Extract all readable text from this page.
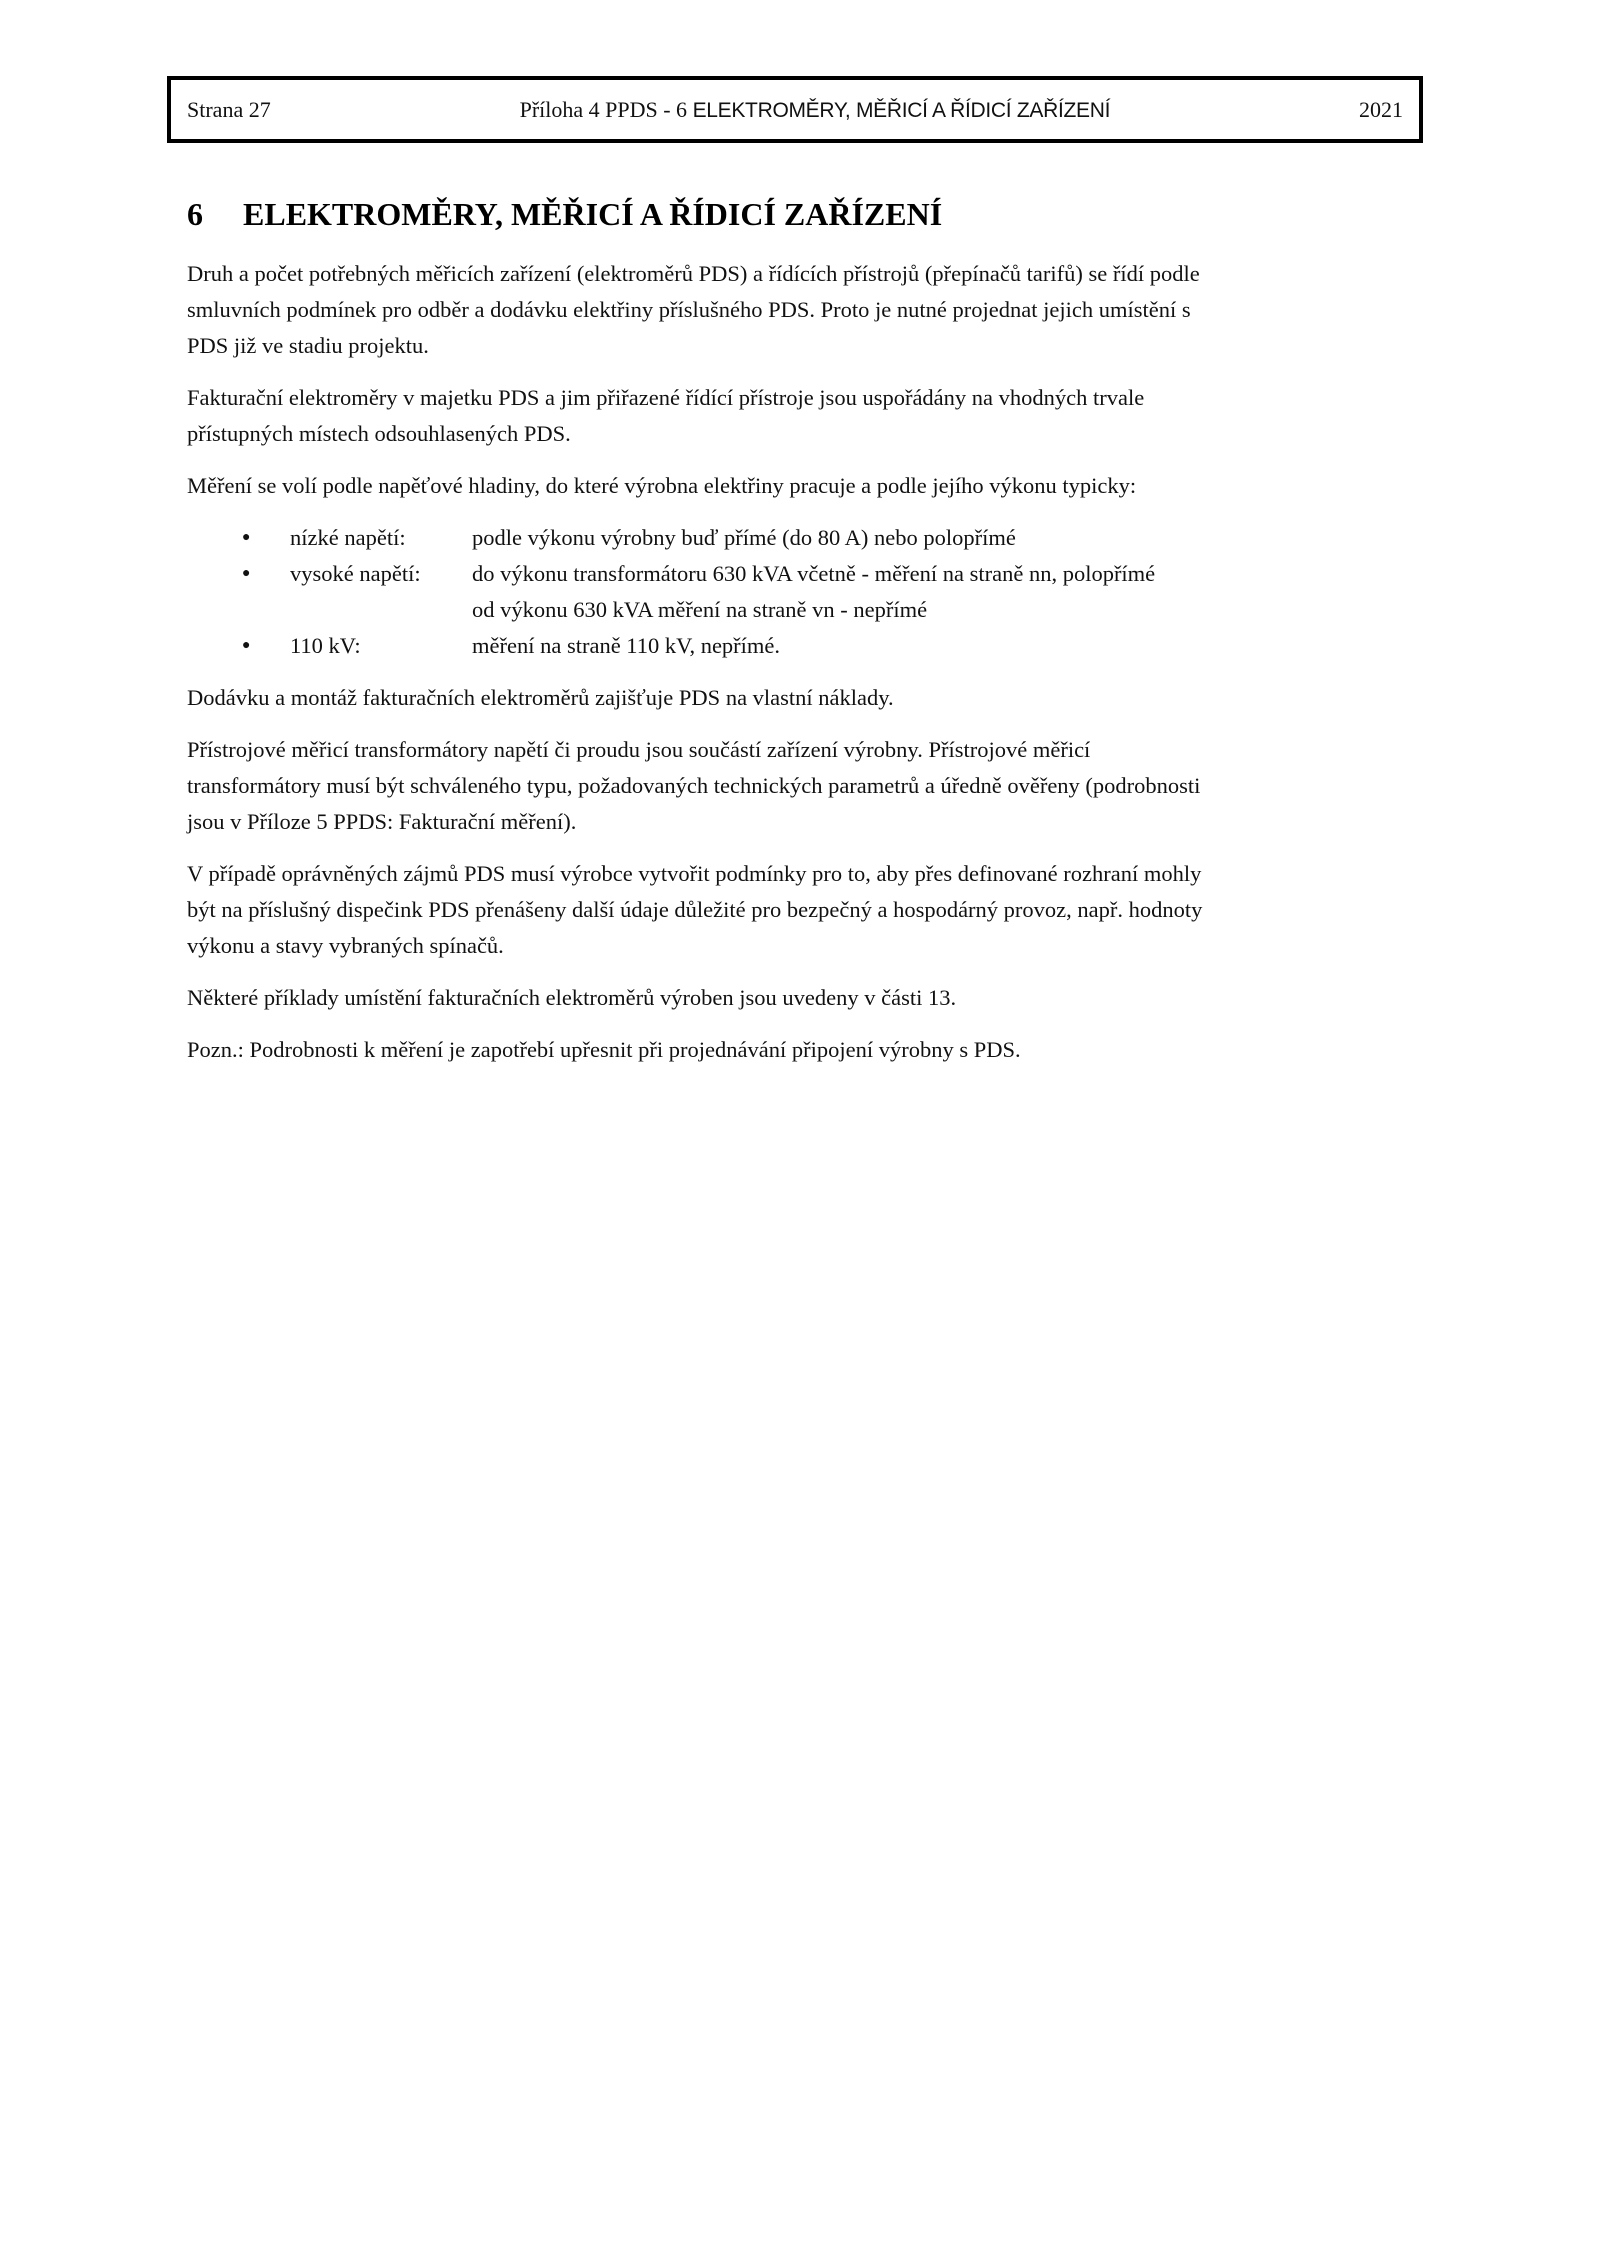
Strana 27	Příloha 4 PPDS - 6 ELEKTROMĚRY, MĚŘICÍ A ŘÍDICÍ ZAŘÍZENÍ	2021
6 ELEKTROMĚRY, MĚŘICÍ A ŘÍDICÍ ZAŘÍZENÍ
Druh a počet potřebných měřicích zařízení (elektroměrů PDS) a řídících přístrojů (přepínačů tarifů) se řídí podle
smluvních podmínek pro odběr a dodávku elektřiny příslušného PDS. Proto je nutné projednat jejich umístění s
PDS již ve stadiu projektu.
Fakturační elektroměry v majetku PDS a jim přiřazené řídící přístroje jsou uspořádány na vhodných trvale
přístupných místech odsouhlasených PDS.
Měření se volí podle napěťové hladiny, do které výrobna elektřiny pracuje a podle jejího výkonu typicky:
●	nízké napětí:	podle výkonu výrobny buď přímé (do 80 A) nebo polopřímé
●	vysoké napětí:	do výkonu transformátoru 630 kVA včetně - měření na straně nn, polopřímé
od výkonu 630 kVA měření na straně vn - nepřímé
●	110 kV:	měření na straně 110 kV, nepřímé.
Dodávku a montáž fakturačních elektroměrů zajišťuje PDS na vlastní náklady.
Přístrojové měřicí transformátory napětí či proudu jsou součástí zařízení výrobny. Přístrojové měřicí
transformátory musí být schváleného typu, požadovaných technických parametrů a úředně ověřeny (podrobnosti
jsou v Příloze 5 PPDS: Fakturační měření).
V případě oprávněných zájmů PDS musí výrobce vytvořit podmínky pro to, aby přes definované rozhraní mohly
být na příslušný dispečink PDS přenášeny další údaje důležité pro bezpečný a hospodárný provoz, např. hodnoty
výkonu a stavy vybraných spínačů.
Některé příklady umístění fakturačních elektroměrů výroben jsou uvedeny v části 13.
Pozn.: Podrobnosti k měření je zapotřebí upřesnit při projednávání připojení výrobny s PDS.
